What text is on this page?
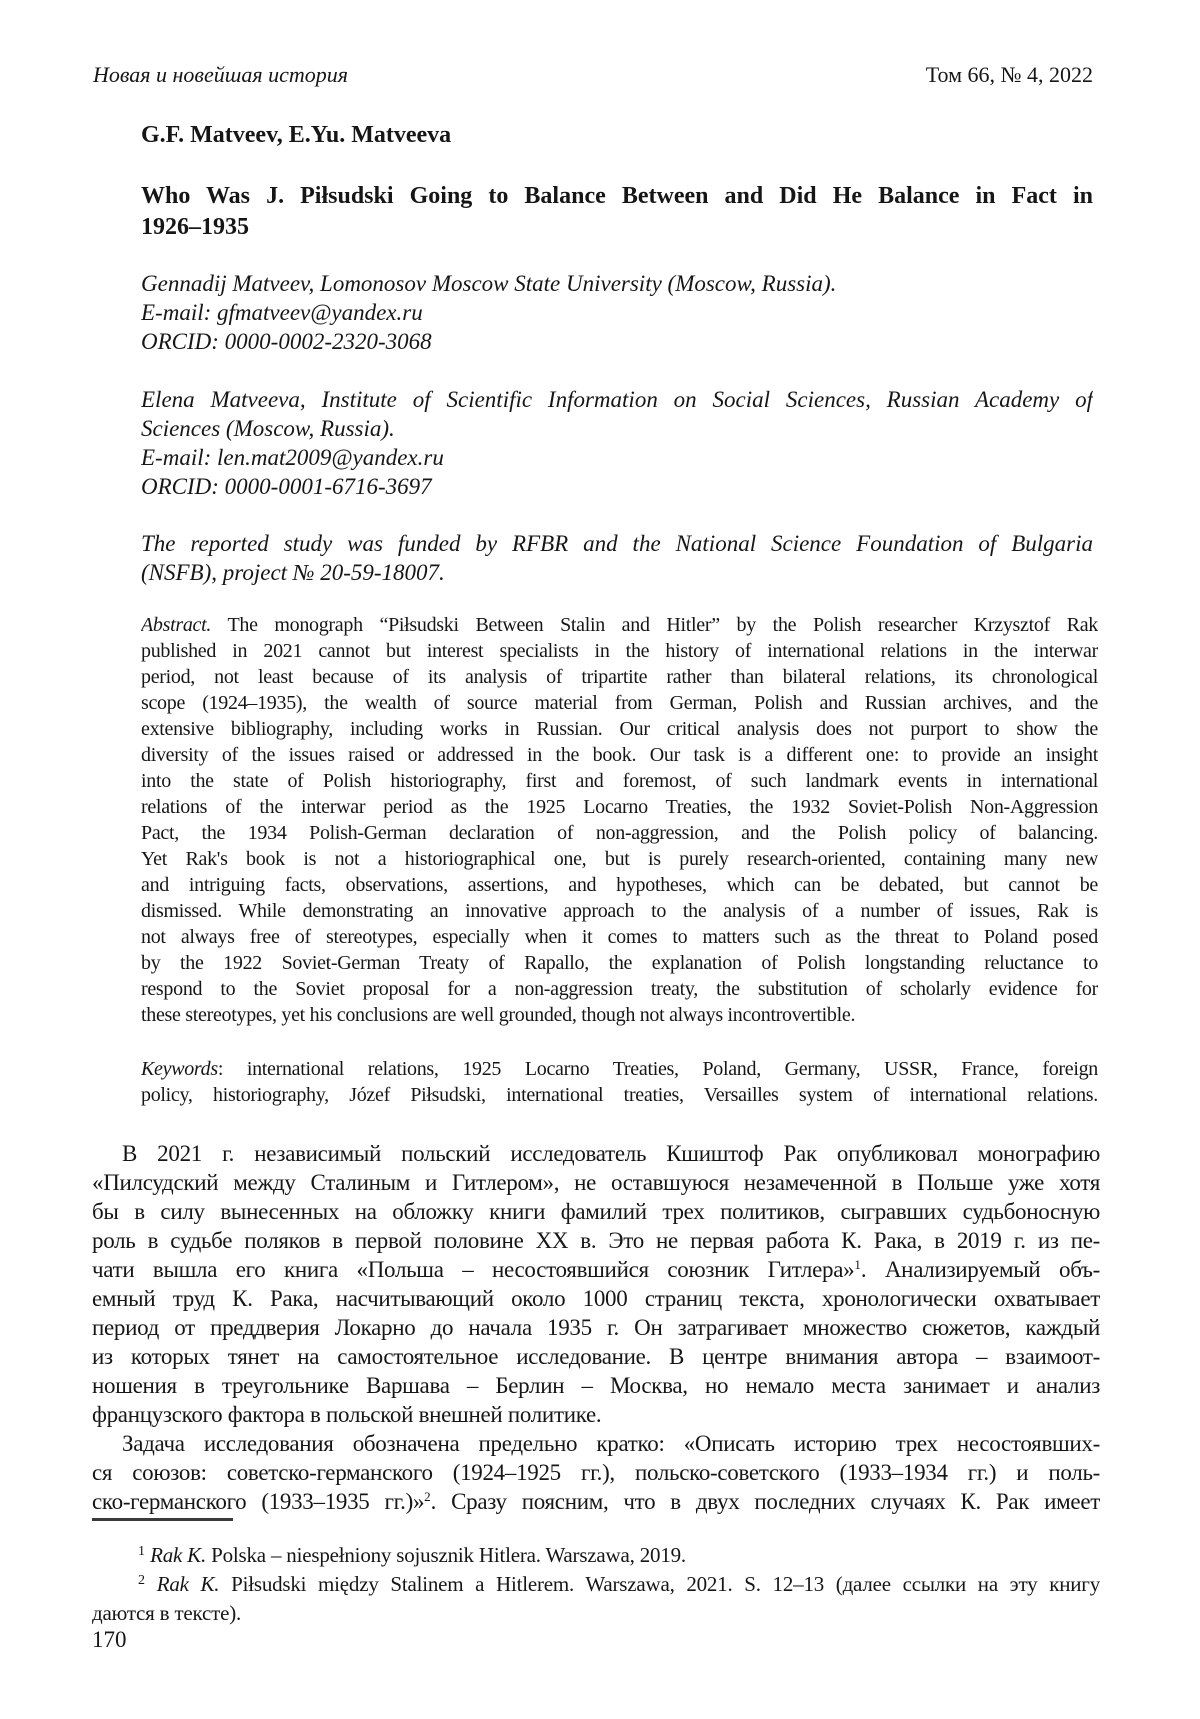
Новая и новейшая история	Том 66, № 4, 2022
G.F. Matveev, E.Yu. Matveeva
Who Was J. Piłsudski Going to Balance Between and Did He Balance in Fact in
1926–1935
Gennadij Matveev, Lomonosov Moscow State University (Moscow, Russia).
E-mail: gfmatveev@yandex.ru
ORCID: 0000-0002-2320-3068
Elena Matveeva, Institute of Scientific Information on Social Sciences, Russian Academy of
Sciences (Moscow, Russia).
E-mail: len.mat2009@yandex.ru
ORCID: 0000-0001-6716-3697
The reported study was funded by RFBR and the National Science Foundation of Bulgaria
(NSFB), project № 20-59-18007.
Abstract. The monograph “Piłsudski Between Stalin and Hitler” by the Polish researcher Krzysztof Rak
published in 2021 cannot but interest specialists in the history of international relations in the interwar
period, not least because of its analysis of tripartite rather than bilateral relations, its chronological
scope (1924–1935), the wealth of source material from German, Polish and Russian archives, and the
extensive bibliography, including works in Russian. Our critical analysis does not purport to show the
diversity of the issues raised or addressed in the book. Our task is a different one: to provide an insight
into the state of Polish historiography, first and foremost, of such landmark events in international
relations of the interwar period as the 1925 Locarno Treaties, the 1932 Soviet-Polish Non-Aggression
Pact, the 1934 Polish-German declaration of non-aggression, and the Polish policy of balancing.
Yet Rak's book is not a historiographical one, but is purely research-oriented, containing many new
and intriguing facts, observations, assertions, and hypotheses, which can be debated, but cannot be
dismissed. While demonstrating an innovative approach to the analysis of a number of issues, Rak is
not always free of stereotypes, especially when it comes to matters such as the threat to Poland posed
by the 1922 Soviet-German Treaty of Rapallo, the explanation of Polish longstanding reluctance to
respond to the Soviet proposal for a non-aggression treaty, the substitution of scholarly evidence for
these stereotypes, yet his conclusions are well grounded, though not always incontrovertible.
Keywords: international relations, 1925 Locarno Treaties, Poland, Germany, USSR, France, foreign
policy, historiography, Józef Piłsudski, international treaties, Versailles system of international relations.
В 2021 г. независимый польский исследователь Кшиштоф Рак опубликовал монографию
«Пилсудский между Сталиным и Гитлером», не оставшуюся незамеченной в Польше уже хотя
бы в силу вынесенных на обложку книги фамилий трех политиков, сыгравших судьбоносную
роль в судьбе поляков в первой половине XX в. Это не первая работа К. Рака, в 2019 г. из пе-
чати вышла его книга «Польша – несостоявшийся союзник Гитлера»$^1$. Анализируемый объ-
емный труд К. Рака, насчитывающий около 1000 страниц текста, хронологически охватывает
период от преддверия Локарно до начала 1935 г. Он затрагивает множество сюжетов, каждый
из которых тянет на самостоятельное исследование. В центре внимания автора – взаимоот-
ношения в треугольнике Варшава – Берлин – Москва, но немало места занимает и анализ
французского фактора в польской внешней политике.
Задача исследования обозначена предельно кратко: «Описать историю трех несостоявших-
ся союзов: советско-германского (1924–1925 гг.), польско-советского (1933–1934 гг.) и поль-
ско-германского (1933–1935 гг.)»$^2$. Сразу поясним, что в двух последних случаях К. Рак имеет
$^1$ Rak K. Polska – niespełniony sojusznik Hitlera. Warszawa, 2019.
$^2$ Rak K. Piłsudski między Stalinem a Hitlerem. Warszawa, 2021. S. 12–13 (далее ссылки на эту книгу
даются в тексте).
170
